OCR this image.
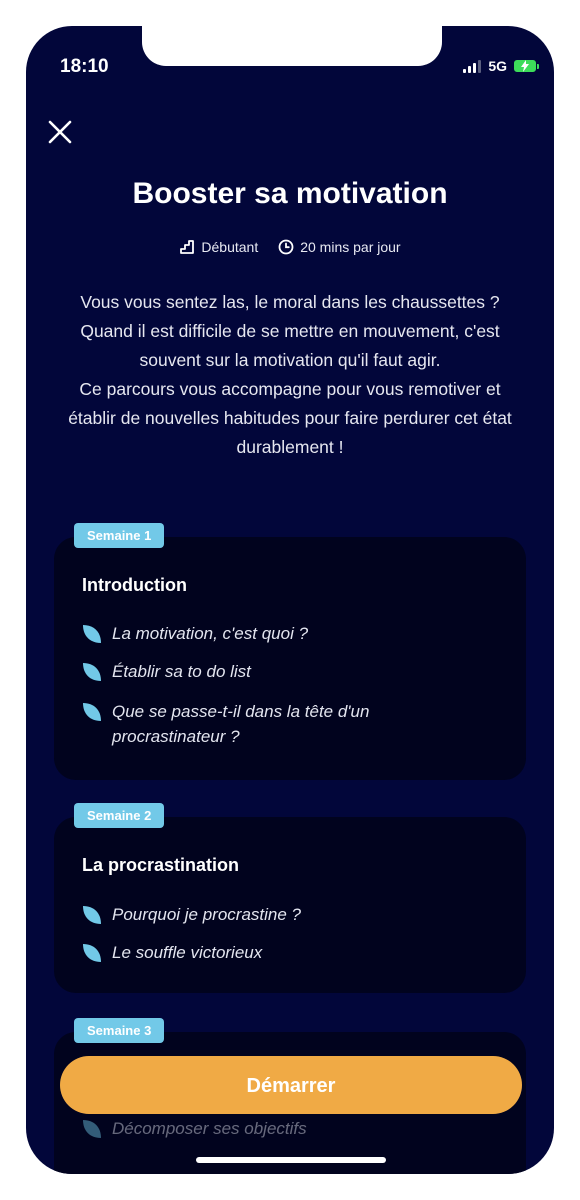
18:10	5G
Booster sa motivation
Débutant	20 mins par jour

Vous vous sentez las, le moral dans les chaussettes ? Quand il est difficile de se mettre en mouvement, c'est souvent sur la motivation qu'il faut agir.

Ce parcours vous accompagne pour vous remotiver et établir de nouvelles habitudes pour faire perdurer cet état durablement !

Semaine 1
Introduction
La motivation, c'est quoi ?
Établir sa to do list
Que se passe-t-il dans la tête d'un procrastinateur ?
Semaine 2
La procrastination
Pourquoi je procrastine ?
Le souffle victorieux
Semaine 3
Décomposer ses objectifs
Démarrer
